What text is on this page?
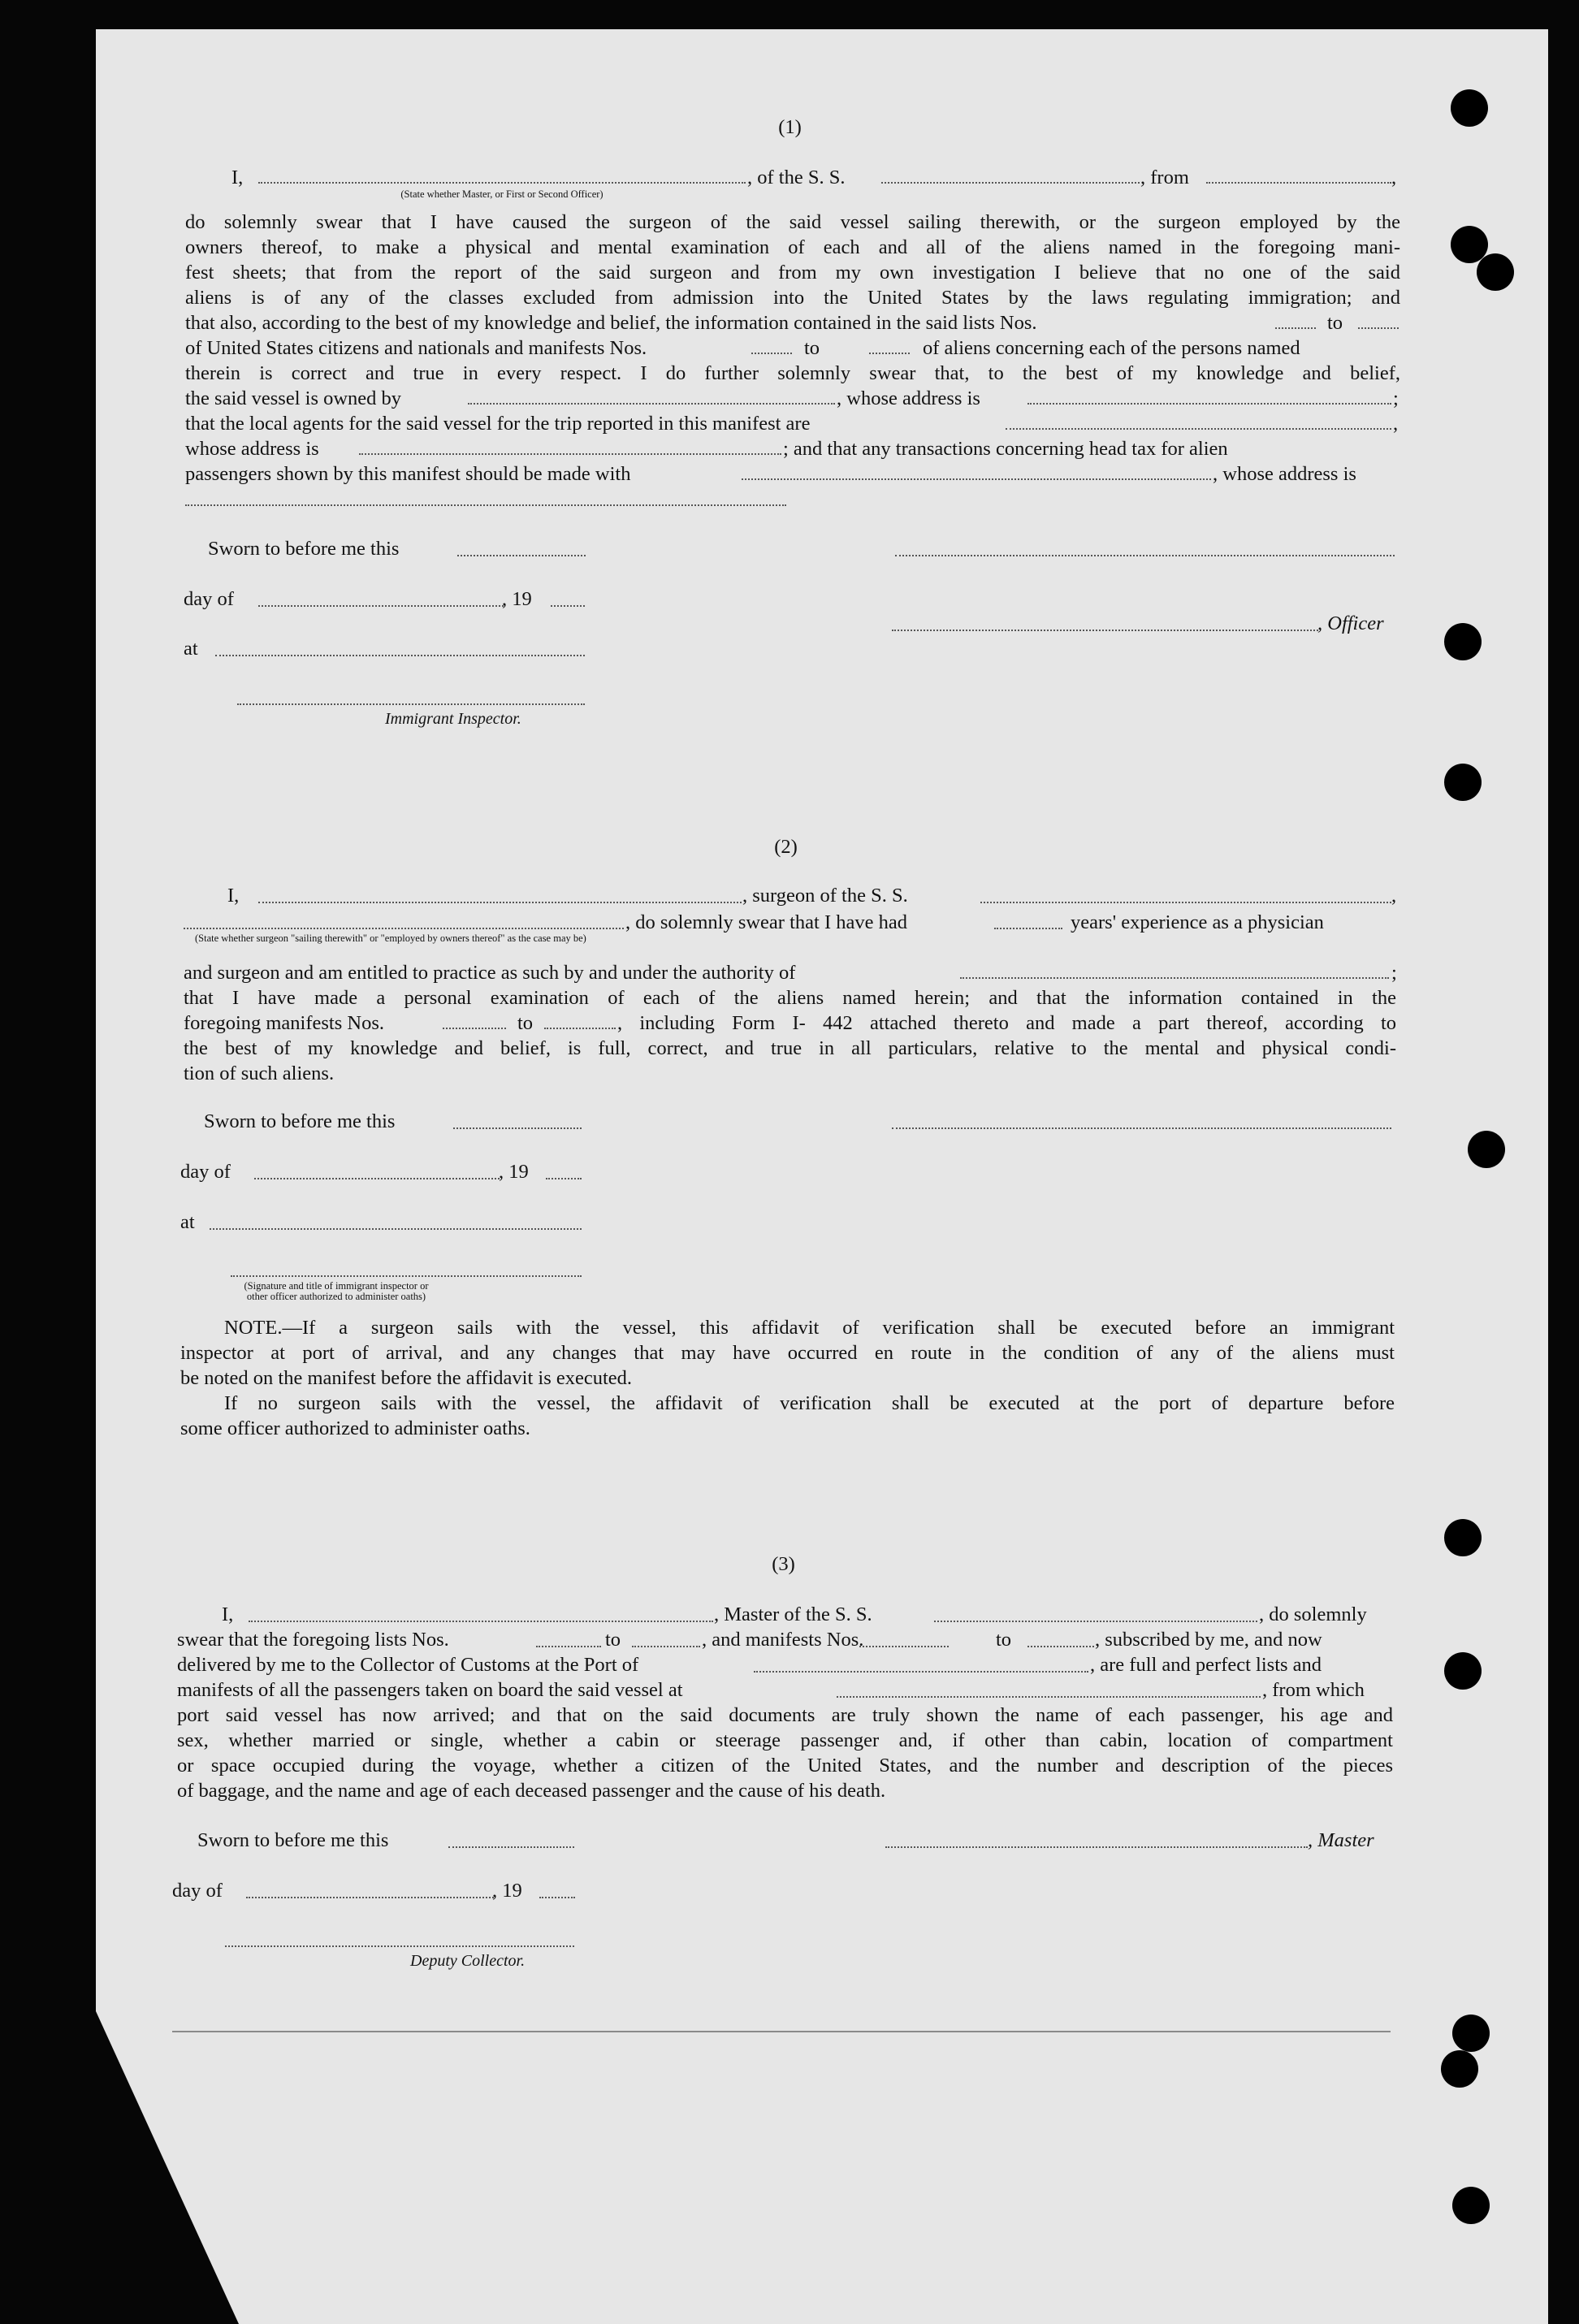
(1)
I,	, of the S. S.	, from	,
(State whether Master, or First or Second Officer)
do solemnly swear that I have caused the surgeon of the said vessel sailing therewith, or the surgeon employed by the
owners thereof, to make a physical and mental examination of each and all of the aliens named in the foregoing mani-
fest sheets; that from the report of the said surgeon and from my own investigation I believe that no one of the said
aliens is of any of the classes excluded from admission into the United States by the laws regulating immigration; and
that also, according to the best of my knowledge and belief, the information contained in the said lists Nos.	to
of United States citizens and nationals and manifests Nos.	to	of aliens concerning each of the persons named
therein is correct and true in every respect. I do further solemnly swear that, to the best of my knowledge and belief,
the said vessel is owned by	, whose address is	;
that the local agents for the said vessel for the trip reported in this manifest are	,
whose address is	; and that any transactions concerning head tax for alien
passengers shown by this manifest should be made with	, whose address is
Sworn to before me this
day of	, 19
, Officer
at
Immigrant Inspector.
(2)
I,	, surgeon of the S. S.	,
, do solemnly swear that I have had	years' experience as a physician
(State whether surgeon "sailing therewith" or "employed by owners thereof" as the case may be)
and surgeon and am entitled to practice as such by and under the authority of	;
that I have made a personal examination of each of the aliens named herein; and that the information contained in the
foregoing manifests Nos.	to	, including Form I- 442 attached thereto and made a part thereof, according to
the best of my knowledge and belief, is full, correct, and true in all particulars, relative to the mental and physical condi-
tion of such aliens.
Sworn to before me this
day of	, 19
at
(Signature and title of immigrant inspector or
other officer authorized to administer oaths)
NOTE.—If a surgeon sails with the vessel, this affidavit of verification shall be executed before an immigrant
inspector at port of arrival, and any changes that may have occurred en route in the condition of any of the aliens must
be noted on the manifest before the affidavit is executed.
If no surgeon sails with the vessel, the affidavit of verification shall be executed at the port of departure before
some officer authorized to administer oaths.
(3)
I,	, Master of the S. S.	, do solemnly
swear that the foregoing lists Nos.	to	, and manifests Nos.	to	, subscribed by me, and now
delivered by me to the Collector of Customs at the Port of	, are full and perfect lists and
manifests of all the passengers taken on board the said vessel at	, from which
port said vessel has now arrived; and that on the said documents are truly shown the name of each passenger, his age and
sex, whether married or single, whether a cabin or steerage passenger and, if other than cabin, location of compartment
or space occupied during the voyage, whether a citizen of the United States, and the number and description of the pieces
of baggage, and the name and age of each deceased passenger and the cause of his death.
Sworn to before me this	, Master
day of	, 19
Deputy Collector.
